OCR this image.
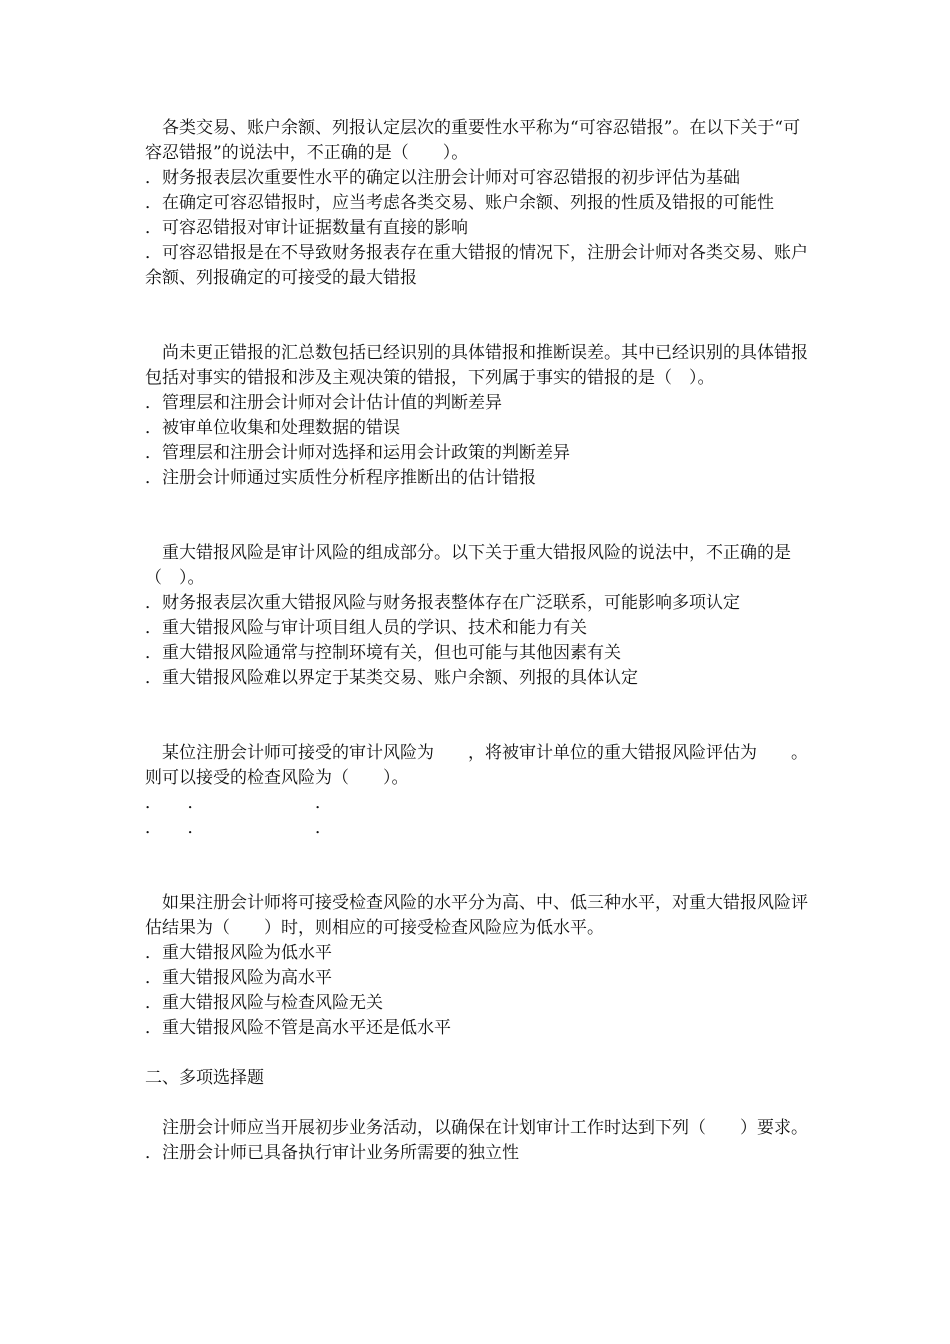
各类交易、账户余额、列报认定层次的重要性水平称为“可容忍错报”。在以下关于“可容忍错报”的说法中，不正确的是（　　）。

．财务报表层次重要性水平的确定以注册会计师对可容忍错报的初步评估为基础

．在确定可容忍错报时，应当考虑各类交易、账户余额、列报的性质及错报的可能性

．可容忍错报对审计证据数量有直接的影响

．可容忍错报是在不导致财务报表存在重大错报的情况下，注册会计师对各类交易、账户余额、列报确定的可接受的最大错报

尚未更正错报的汇总数包括已经识别的具体错报和推断误差。其中已经识别的具体错报包括对事实的错报和涉及主观决策的错报，下列属于事实的错报的是（　）。

．管理层和注册会计师对会计估计值的判断差异

．被审单位收集和处理数据的错误

．管理层和注册会计师对选择和运用会计政策的判断差异

．注册会计师通过实质性分析程序推断出的估计错报

重大错报风险是审计风险的组成部分。以下关于重大错报风险的说法中，不正确的是（　）。

．财务报表层次重大错报风险与财务报表整体存在广泛联系，可能影响多项认定

．重大错报风险与审计项目组人员的学识、技术和能力有关

．重大错报风险通常与控制环境有关，但也可能与其他因素有关

．重大错报风险难以界定于某类交易、账户余额、列报的具体认定

某位注册会计师可接受的审计风险为　　，将被审计单位的重大错报风险评估为　　。则可以接受的检查风险为（　　）。

．　　．　　　　　　　．

．　　．　　　　　　　．

如果注册会计师将可接受检查风险的水平分为高、中、低三种水平，对重大错报风险评估结果为（　　）时，则相应的可接受检查风险应为低水平。

．重大错报风险为低水平

．重大错报风险为高水平

．重大错报风险与检查风险无关

．重大错报风险不管是高水平还是低水平

二、多项选择题

注册会计师应当开展初步业务活动，以确保在计划审计工作时达到下列（　　）要求。

．注册会计师已具备执行审计业务所需要的独立性
